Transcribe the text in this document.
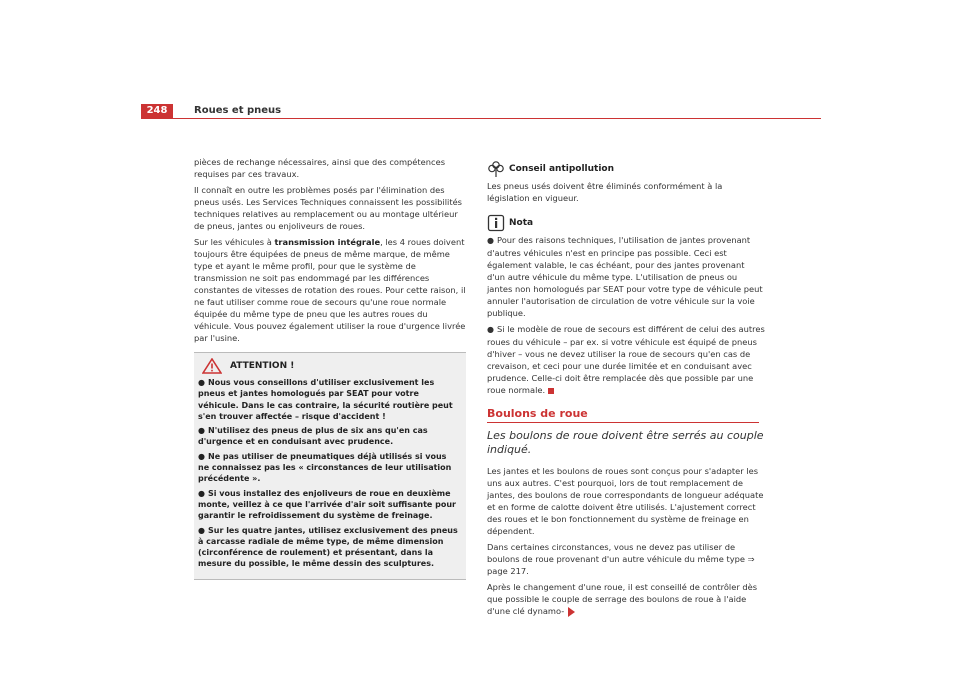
248	Roues et pneus

pièces de rechange nécessaires, ainsi que des compétences requises par ces travaux.

Il connaît en outre les problèmes posés par l'élimination des pneus usés. Les Services Techniques connaissent les possibilités techniques relatives au remplacement ou au montage ultérieur de pneus, jantes ou enjoliveurs de roues.

Sur les véhicules à transmission intégrale, les 4 roues doivent toujours être équipées de pneus de même marque, de même type et ayant le même profil, pour que le système de transmission ne soit pas endommagé par les différences constantes de vitesses de rotation des roues. Pour cette raison, il ne faut utiliser comme roue de secours qu'une roue normale équipée du même type de pneu que les autres roues du véhicule. Vous pouvez également utiliser la roue d'urgence livrée par l'usine.

ATTENTION !
● Nous vous conseillons d'utiliser exclusivement les pneus et jantes homologués par SEAT pour votre véhicule. Dans le cas contraire, la sécurité routière peut s'en trouver affectée – risque d'accident !
● N'utilisez des pneus de plus de six ans qu'en cas d'urgence et en conduisant avec prudence.
● Ne pas utiliser de pneumatiques déjà utilisés si vous ne connaissez pas les « circonstances de leur utilisation précédente ».
● Si vous installez des enjoliveurs de roue en deuxième monte, veillez à ce que l'arrivée d'air soit suffisante pour garantir le refroidissement du système de freinage.
● Sur les quatre jantes, utilisez exclusivement des pneus à carcasse radiale de même type, de même dimension (circonférence de roulement) et présentant, dans la mesure du possible, le même dessin des sculptures.
Conseil antipollution

Les pneus usés doivent être éliminés conformément à la législation en vigueur.

Nota

● Pour des raisons techniques, l'utilisation de jantes provenant d'autres véhicules n'est en principe pas possible. Ceci est également valable, le cas échéant, pour des jantes provenant d'un autre véhicule du même type. L'utilisation de pneus ou jantes non homologués par SEAT pour votre type de véhicule peut annuler l'autorisation de circulation de votre véhicule sur la voie publique.

● Si le modèle de roue de secours est différent de celui des autres roues du véhicule – par ex. si votre véhicule est équipé de pneus d'hiver – vous ne devez utiliser la roue de secours qu'en cas de crevaison, et ceci pour une durée limitée et en conduisant avec prudence. Celle-ci doit être remplacée dès que possible par une roue normale.

Boulons de roue
Les boulons de roue doivent être serrés au couple indiqué.

Les jantes et les boulons de roues sont conçus pour s'adapter les uns aux autres. C'est pourquoi, lors de tout remplacement de jantes, des boulons de roue correspondants de longueur adéquate et en forme de calotte doivent être utilisés. L'ajustement correct des roues et le bon fonctionnement du système de freinage en dépendent.

Dans certaines circonstances, vous ne devez pas utiliser de boulons de roue provenant d'un autre véhicule du même type ⇒ page 217.

Après le changement d'une roue, il est conseillé de contrôler dès que possible le couple de serrage des boulons de roue à l'aide d'une clé dynamo-
